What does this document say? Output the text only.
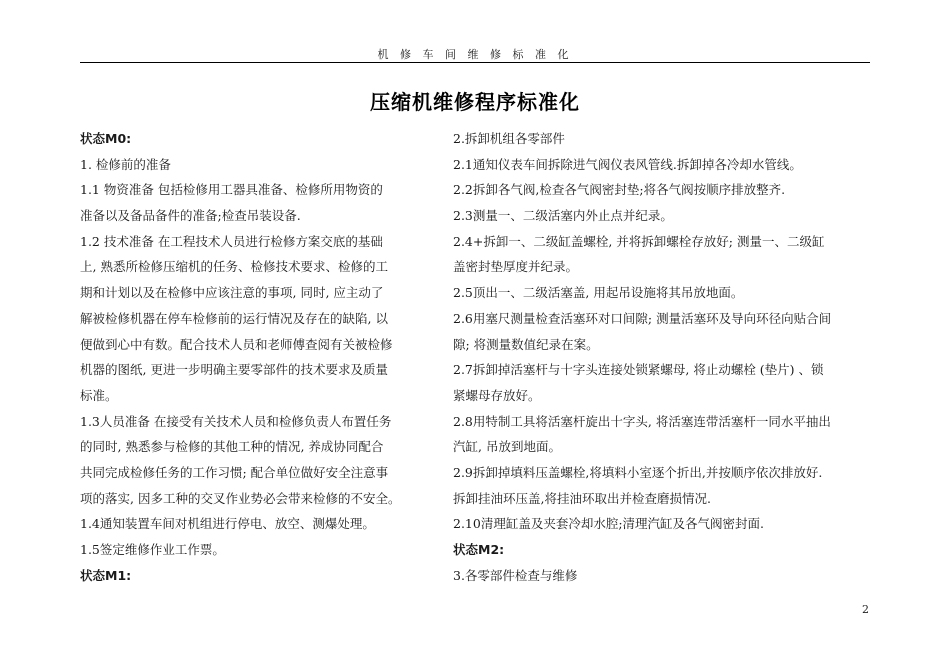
机 修 车 间 维 修 标 准 化
压缩机维修程序标准化
状态M0:
1. 检修前的准备
1.1 物资准备 包括检修用工器具准备、检修所用物资的
准备以及备品备件的准备;检查吊装设备.
1.2 技术准备 在工程技术人员进行检修方案交底的基础
上, 熟悉所检修压缩机的任务、检修技术要求、检修的工
期和计划以及在检修中应该注意的事项, 同时, 应主动了
解被检修机器在停车检修前的运行情况及存在的缺陷, 以
便做到心中有数。配合技术人员和老师傅查阅有关被检修
机器的图纸, 更进一步明确主要零部件的技术要求及质量
标准。
1.3人员准备 在接受有关技术人员和检修负责人布置任务
的同时, 熟悉参与检修的其他工种的情况, 养成协同配合
共同完成检修任务的工作习惯; 配合单位做好安全注意事
项的落实, 因多工种的交叉作业势必会带来检修的不安全。
1.4通知装置车间对机组进行停电、放空、测爆处理。
1.5签定维修作业工作票。
状态M1:
2.拆卸机组各零部件
2.1通知仪表车间拆除进气阀仪表风管线.拆卸掉各冷却水管线。
2.2拆卸各气阀,检查各气阀密封垫;将各气阀按顺序排放整齐.
2.3测量一、二级活塞内外止点并纪录。
2.4+拆卸一、二级缸盖螺栓, 并将拆卸螺栓存放好; 测量一、二级缸
盖密封垫厚度并纪录。
2.5顶出一、二级活塞盖, 用起吊设施将其吊放地面。
2.6用塞尺测量检查活塞环对口间隙; 测量活塞环及导向环径向贴合间
隙; 将测量数值纪录在案。
2.7拆卸掉活塞杆与十字头连接处锁紧螺母, 将止动螺栓 (垫片) 、锁
紧螺母存放好。
2.8用特制工具将活塞杆旋出十字头, 将活塞连带活塞杆一同水平抽出
汽缸, 吊放到地面。
2.9拆卸掉填料压盖螺栓,将填料小室逐个折出,并按顺序依次排放好.
拆卸挂油环压盖,将挂油环取出并检查磨损情况.
2.10清理缸盖及夹套冷却水腔;清理汽缸及各气阀密封面.
状态M2:
3.各零部件检查与维修
2
